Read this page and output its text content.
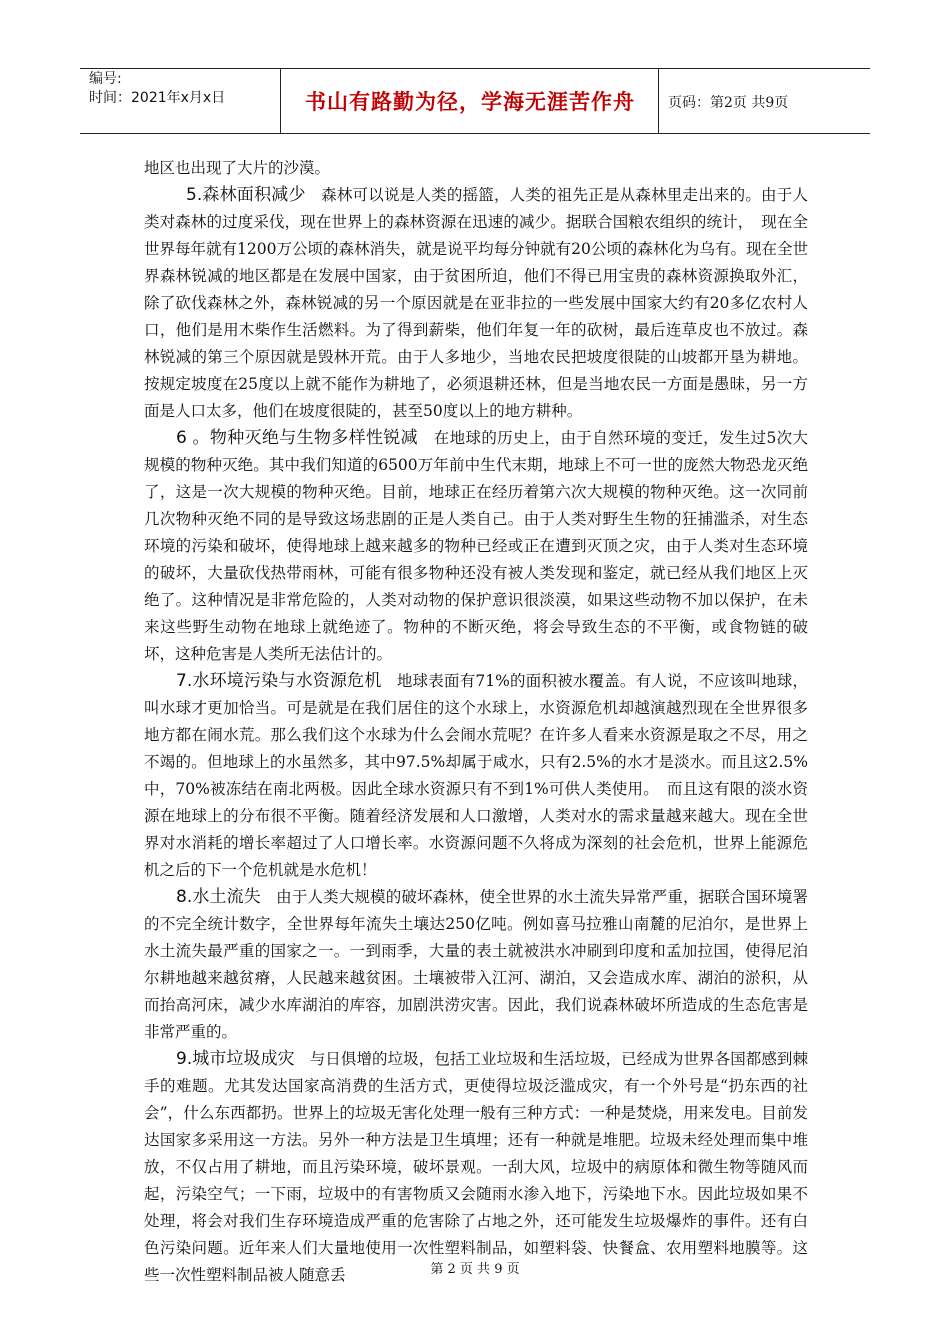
编号:
时间：2021年x月x日	书山有路勤为径，学海无涯苦作舟	页码：第2页 共9页

地区也出现了大片的沙漠。

5.森林面积减少 森林可以说是人类的摇篮，人类的祖先正是从森林里走出来的。由于人类对森林的过度采伐，现在世界上的森林资源在迅速的减少。据联合国粮农组织的统计，　现在全世界每年就有1200万公顷的森林消失，就是说平均每分钟就有20公顷的森林化为乌有。现在全世界森林锐减的地区都是在发展中国家，由于贫困所迫，他们不得已用宝贵的森林资源换取外汇，除了砍伐森林之外，森林锐减的另一个原因就是在亚非拉的一些发展中国家大约有20多亿农村人口，他们是用木柴作生活燃料。为了得到薪柴，他们年复一年的砍树，最后连草皮也不放过。森林锐减的第三个原因就是毁林开荒。由于人多地少，当地农民把坡度很陡的山坡都开垦为耕地。按规定坡度在25度以上就不能作为耕地了，必须退耕还林，但是当地农民一方面是愚昧，另一方面是人口太多，他们在坡度很陡的，甚至50度以上的地方耕种。

6 。物种灭绝与生物多样性锐减 在地球的历史上，由于自然环境的变迁，发生过5次大规模的物种灭绝。其中我们知道的6500万年前中生代末期，地球上不可一世的庞然大物恐龙灭绝了，这是一次大规模的物种灭绝。目前，地球正在经历着第六次大规模的物种灭绝。这一次同前几次物种灭绝不同的是导致这场悲剧的正是人类自己。由于人类对野生生物的狂捕滥杀，对生态环境的污染和破坏，使得地球上越来越多的物种已经或正在遭到灭顶之灾，由于人类对生态环境的破坏，大量砍伐热带雨林，可能有很多物种还没有被人类发现和鉴定，就已经从我们地区上灭绝了。这种情况是非常危险的，人类对动物的保护意识很淡漠，如果这些动物不加以保护，在未来这些野生动物在地球上就绝迹了。物种的不断灭绝，将会导致生态的不平衡，或食物链的破坏，这种危害是人类所无法估计的。

7.水环境污染与水资源危机 地球表面有71%的面积被水覆盖。有人说，不应该叫地球，叫水球才更加恰当。可是就是在我们居住的这个水球上，水资源危机却越演越烈现在全世界很多地方都在闹水荒。那么我们这个水球为什么会闹水荒呢？在许多人看来水资源是取之不尽，用之不竭的。但地球上的水虽然多，其中97.5%却属于咸水，只有2.5%的水才是淡水。而且这2.5%中，70%被冻结在南北两极。因此全球水资源只有不到1%可供人类使用。　而且这有限的淡水资源在地球上的分布很不平衡。随着经济发展和人口激增，人类对水的需求量越来越大。现在全世界对水消耗的增长率超过了人口增长率。水资源问题不久将成为深刻的社会危机，世界上能源危机之后的下一个危机就是水危机！

8.水土流失 由于人类大规模的破坏森林，使全世界的水土流失异常严重，据联合国环境署的不完全统计数字，全世界每年流失土壤达250亿吨。例如喜马拉雅山南麓的尼泊尔，是世界上水土流失最严重的国家之一。一到雨季，大量的表土就被洪水冲刷到印度和孟加拉国，使得尼泊尔耕地越来越贫瘠，人民越来越贫困。土壤被带入江河、湖泊，又会造成水库、湖泊的淤积，从而抬高河床，减少水库湖泊的库容，加剧洪涝灾害。因此，我们说森林破坏所造成的生态危害是非常严重的。

9.城市垃圾成灾 与日俱增的垃圾，包括工业垃圾和生活垃圾，已经成为世界各国都感到棘手的难题。尤其发达国家高消费的生活方式，更使得垃圾泛滥成灾，有一个外号是“扔东西的社会”，什么东西都扔。世界上的垃圾无害化处理一般有三种方式：一种是焚烧，用来发电。目前发达国家多采用这一方法。另外一种方法是卫生填埋；还有一种就是堆肥。垃圾未经处理而集中堆放，不仅占用了耕地，而且污染环境，破坏景观。一刮大风，垃圾中的病原体和微生物等随风而起，污染空气；一下雨，垃圾中的有害物质又会随雨水渗入地下，污染地下水。因此垃圾如果不处理，将会对我们生存环境造成严重的危害除了占地之外，还可能发生垃圾爆炸的事件。还有白色污染问题。近年来人们大量地使用一次性塑料制品，如塑料袋、快餐盒、农用塑料地膜等。这些一次性塑料制品被人随意丢	第 2 页 共 9 页
